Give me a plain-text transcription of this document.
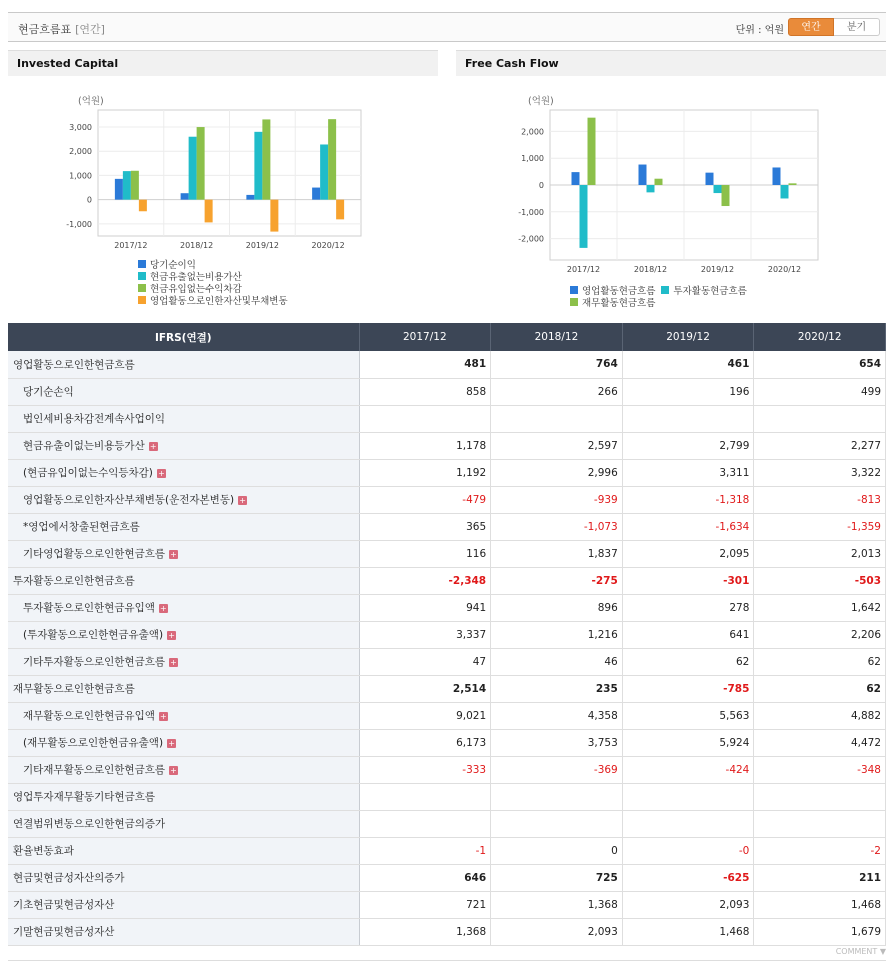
현금흐름표 [연간]	단위 : 억원	연간	분기
Invested Capital
(억원)
-1,000
0
1,000
2,000
3,000
2017/12	2018/12	2019/12	2020/12
당기순이익
현금유출없는비용가산
현금유입없는수익차감
영업활동으로인한자산및부채변동
Free Cash Flow
(억원)
-2,000
-1,000
0
1,000
2,000
2017/12	2018/12	2019/12	2020/12
영업활동현금흐름 투자활동현금흐름
재무활동현금흐름
IFRS(연결)	2017/12	2018/12	2019/12	2020/12
영업활동으로인한현금흐름	481	764	461	654
당기순손익	858	266	196	499
법인세비용차감전계속사업이익				
현금유출이없는비용등가산 +	1,178	2,597	2,799	2,277
(현금유입이없는수익등차감) +	1,192	2,996	3,311	3,322
영업활동으로인한자산부채변동(운전자본변동) +	-479	-939	-1,318	-813
*영업에서창출된현금흐름	365	-1,073	-1,634	-1,359
기타영업활동으로인한현금흐름 +	116	1,837	2,095	2,013
투자활동으로인한현금흐름	-2,348	-275	-301	-503
투자활동으로인한현금유입액 +	941	896	278	1,642
(투자활동으로인한현금유출액) +	3,337	1,216	641	2,206
기타투자활동으로인한현금흐름 +	47	46	62	62
재무활동으로인한현금흐름	2,514	235	-785	62
재무활동으로인한현금유입액 +	9,021	4,358	5,563	4,882
(재무활동으로인한현금유출액) +	6,173	3,753	5,924	4,472
기타재무활동으로인한현금흐름 +	-333	-369	-424	-348
영업투자재무활동기타현금흐름				
연결범위변동으로인한현금의증가				
환율변동효과	-1	0	-0	-2
현금및현금성자산의증가	646	725	-625	211
기초현금및현금성자산	721	1,368	2,093	1,468
기말현금및현금성자산	1,368	2,093	1,468	1,679
COMMENT ▼
